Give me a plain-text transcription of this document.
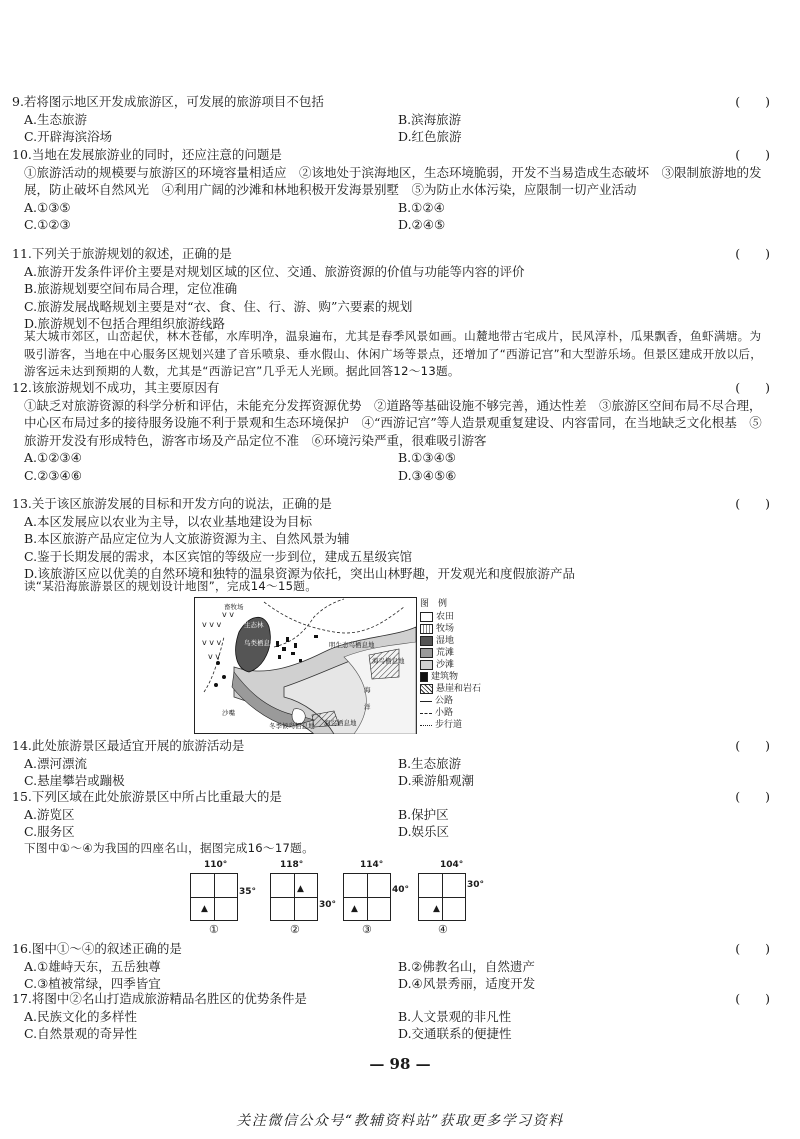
9.若将图示地区开发成旅游区，可发展的旅游项目不包括	(　　)
A.生态旅游	B.滨海旅游
C.开辟海滨浴场	D.红色旅游
10.当地在发展旅游业的同时，还应注意的问题是	(　　)
①旅游活动的规模要与旅游区的环境容量相适应　②该地处于滨海地区，生态环境脆弱，开发不当易造成生态破坏　③限制旅游地的发展，防止破坏自然风光　④利用广阔的沙滩和林地积极开发海景别墅　⑤为防止水体污染，应限制一切产业活动
A.①③⑤	B.①②④
C.①②③	D.②④⑤
11.下列关于旅游规划的叙述，正确的是	(　　)
A.旅游开发条件评价主要是对规划区域的区位、交通、旅游资源的价值与功能等内容的评价
B.旅游规划要空间布局合理，定位准确
C.旅游发展战略规划主要是对“衣、食、住、行、游、购”六要素的规划
D.旅游规划不包括合理组织旅游线路
某大城市郊区，山峦起伏，林木苍郁，水库明净，温泉遍布，尤其是春季风景如画。山麓地带古宅成片，民风淳朴，瓜果飘香，鱼虾满塘。为吸引游客，当地在中心服务区规划兴建了音乐喷泉、垂水假山、休闲广场等景点，还增加了“西游记宫”和大型游乐场。但景区建成开放以后，游客远未达到预期的人数，尤其是“西游记宫”几乎无人光顾。据此回答12～13题。
12.该旅游规划不成功，其主要原因有	(　　)
①缺乏对旅游资源的科学分析和评估，未能充分发挥资源优势　②道路等基础设施不够完善，通达性差　③旅游区空间布局不尽合理，中心区布局过多的接待服务设施不利于景观和生态环境保护　④“西游记宫”等人造景观重复建设、内容雷同，在当地缺乏文化根基　⑤旅游开发没有形成特色，游客市场及产品定位不准　⑥环境污染严重，很难吸引游客
A.①②③④	B.①③④⑤
C.②③④⑥	D.③④⑤⑥
13.关于该区旅游发展的目标和开发方向的说法，正确的是	(　　)
A.本区发展应以农业为主导，以农业基地建设为目标
B.本区旅游产品应定位为人文旅游资源为主、自然风景为辅
C.鉴于长期发展的需求，本区宾馆的等级应一步到位，建成五星级宾馆
D.该旅游区应以优美的自然环境和独特的温泉资源为依托，突出山林野趣，开发观光和度假旅游产品
读“某沿海旅游景区的规划设计地图”，完成14～15题。
v v v
v v v
v v
v v
畜牧场
生态林
鸟类栖息地	明生态鸟栖息地
海鸟栖息地
海
洋
沙嘴
冬季候鸟栖息地 海鸟栖息地
图　例
农田
牧场
湿地
荒滩
沙滩
建筑物
悬崖和岩石
公路
小路
步行道
14.此处旅游景区最适宜开展的旅游活动是	(　　)
A.漂河漂流	B.生态旅游
C.悬崖攀岩或蹦极	D.乘游船观潮
15.下列区域在此处旅游景区中所占比重最大的是	(　　)
A.游览区	B.保护区
C.服务区	D.娱乐区
下图中①～④为我国的四座名山，据图完成16～17题。
110°
▲
35°
①
118°
▲
30°
②
114°
▲
40°
③
104°
▲
30°
④
16.图中①～④的叙述正确的是	(　　)
A.①雄峙天东，五岳独尊	B.②佛教名山，自然遗产
C.③植被常绿，四季皆宜	D.④风景秀丽，适度开发
17.将图中②名山打造成旅游精品名胜区的优势条件是	(　　)
A.民族文化的多样性	B.人文景观的非凡性
C.自然景观的奇异性	D.交通联系的便捷性
— 98 —
关注微信公众号“教辅资料站”获取更多学习资料
